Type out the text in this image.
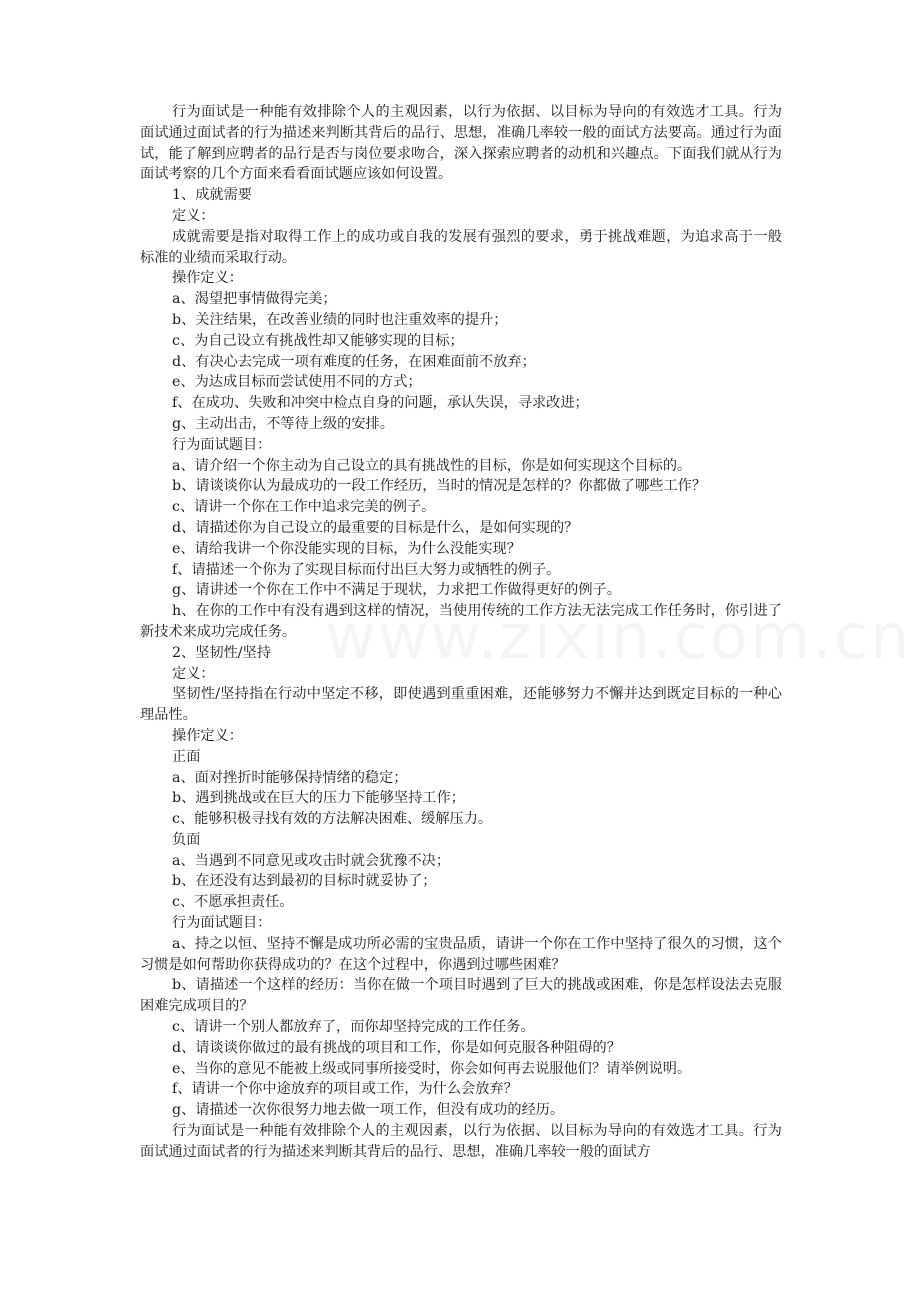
行为面试是一种能有效排除个人的主观因素，以行为依据、以目标为导向的有效选才工具。行为面试通过面试者的行为描述来判断其背后的品行、思想，准确几率较一般的面试方法要高。通过行为面试，能了解到应聘者的品行是否与岗位要求吻合，深入探索应聘者的动机和兴趣点。下面我们就从行为面试考察的几个方面来看看面试题应该如何设置。

1、成就需要

定义：

成就需要是指对取得工作上的成功或自我的发展有强烈的要求，勇于挑战难题，为追求高于一般标准的业绩而采取行动。

操作定义：

a、渴望把事情做得完美；

b、关注结果，在改善业绩的同时也注重效率的提升；

c、为自己设立有挑战性却又能够实现的目标；

d、有决心去完成一项有难度的任务，在困难面前不放弃；

e、为达成目标而尝试使用不同的方式；

f、在成功、失败和冲突中检点自身的问题，承认失误，寻求改进；

g、主动出击，不等待上级的安排。

行为面试题目：

a、请介绍一个你主动为自己设立的具有挑战性的目标，你是如何实现这个目标的。

b、请谈谈你认为最成功的一段工作经历，当时的情况是怎样的？你都做了哪些工作？

c、请讲一个你在工作中追求完美的例子。

d、请描述你为自己设立的最重要的目标是什么，是如何实现的？

e、请给我讲一个你没能实现的目标，为什么没能实现？

f、请描述一个你为了实现目标而付出巨大努力或牺牲的例子。

g、请讲述一个你在工作中不满足于现状，力求把工作做得更好的例子。

h、在你的工作中有没有遇到这样的情况，当使用传统的工作方法无法完成工作任务时，你引进了新技术来成功完成任务。

2、坚韧性/坚持

定义：

坚韧性/坚持指在行动中坚定不移，即使遇到重重困难，还能够努力不懈并达到既定目标的一种心理品性。

操作定义：

正面

a、面对挫折时能够保持情绪的稳定；

b、遇到挑战或在巨大的压力下能够坚持工作；

c、能够积极寻找有效的方法解决困难、缓解压力。

负面

a、当遇到不同意见或攻击时就会犹豫不决；

b、在还没有达到最初的目标时就妥协了；

c、不愿承担责任。

行为面试题目：

a、持之以恒、坚持不懈是成功所必需的宝贵品质，请讲一个你在工作中坚持了很久的习惯，这个习惯是如何帮助你获得成功的？在这个过程中，你遇到过哪些困难？

b、请描述一个这样的经历：当你在做一个项目时遇到了巨大的挑战或困难，你是怎样设法去克服困难完成项目的？

c、请讲一个别人都放弃了，而你却坚持完成的工作任务。

d、请谈谈你做过的最有挑战的项目和工作，你是如何克服各种阻碍的？

e、当你的意见不能被上级或同事所接受时，你会如何再去说服他们？请举例说明。

f、请讲一个你中途放弃的项目或工作，为什么会放弃？

g、请描述一次你很努力地去做一项工作，但没有成功的经历。

行为面试是一种能有效排除个人的主观因素，以行为依据、以目标为导向的有效选才工具。行为面试通过面试者的行为描述来判断其背后的品行、思想，准确几率较一般的面试方
